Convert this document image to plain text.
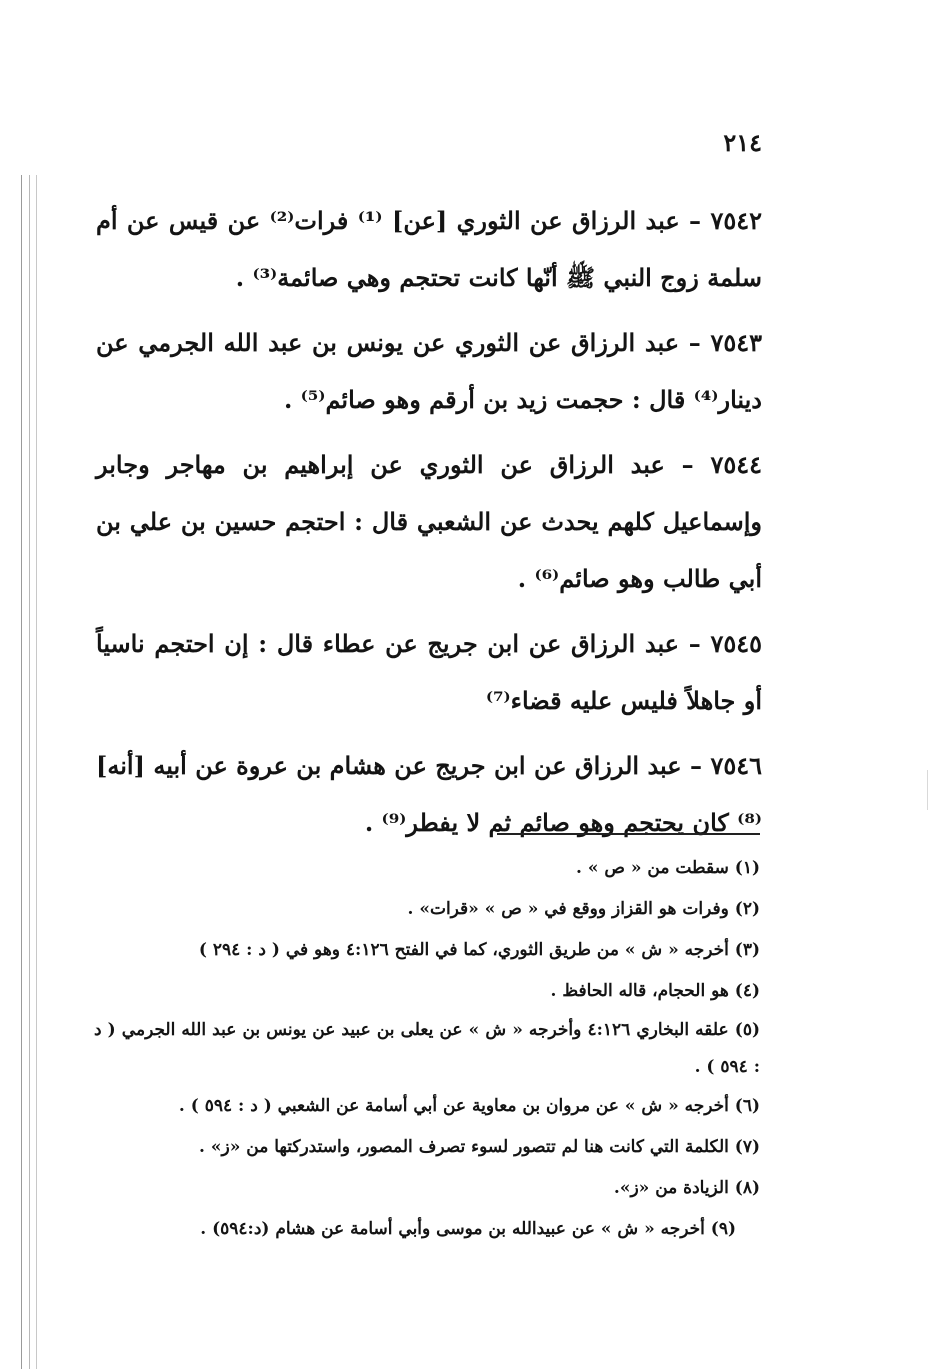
٢١٤

٧٥٤٢ – عبد الرزاق عن الثوري [عن] ⁽¹⁾ فرات⁽²⁾ عن قيس عن أم سلمة زوج النبي ﷺ أنّها كانت تحتجم وهي صائمة⁽³⁾ .

٧٥٤٣ – عبد الرزاق عن الثوري عن يونس بن عبد الله الجرمي عن دينار⁽⁴⁾ قال : حجمت زيد بن أرقم وهو صائم⁽⁵⁾ .

٧٥٤٤ – عبد الرزاق عن الثوري عن إبراهيم بن مهاجر وجابر وإسماعيل كلهم يحدث عن الشعبي قال : احتجم حسين بن علي بن أبي طالب وهو صائم⁽⁶⁾ .

٧٥٤٥ – عبد الرزاق عن ابن جريج عن عطاء قال : إن احتجم ناسياً أو جاهلاً فليس عليه قضاء⁽⁷⁾

٧٥٤٦ – عبد الرزاق عن ابن جريج عن هشام بن عروة عن أبيه [أنه]⁽⁸⁾ كان يحتجم وهو صائم ثم لا يفطر⁽⁹⁾ .

(١) سقطت من « ص » .

(٢) وفرات هو القزاز ووقع في « ص » «قرات» .

(٣) أخرجه « ش » من طريق الثوري، كما في الفتح ٤:١٢٦ وهو في ( د : ٢٩٤ )

(٤) هو الحجام، قاله الحافظ .

(٥) علقه البخاري ٤:١٢٦ وأخرجه « ش » عن يعلى بن عبيد عن يونس بن عبد الله الجرمي ( د : ٥٩٤ ) .

(٦) أخرجه « ش » عن مروان بن معاوية عن أبي أسامة عن الشعبي ( د : ٥٩٤ ) .

(٧) الكلمة التي كانت هنا لم تتصور لسوء تصرف المصور، واستدركتها من «ز» .

(٨) الزيادة من «ز».

(٩) أخرجه « ش » عن عبيدالله بن موسى وأبي أسامة عن هشام (د:٥٩٤) .
